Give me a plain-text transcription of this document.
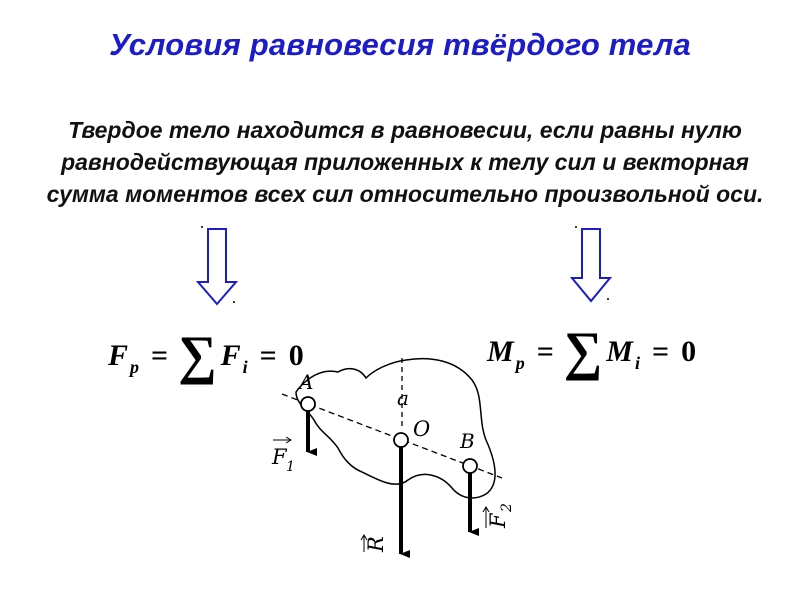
Условия равновесия твёрдого тела
Твердое тело находится в равновесии, если равны нулю
равнодействующая приложенных к телу сил и векторная
сумма моментов всех сил относительно произвольной оси.
A
a
O B
F 1
F
2
R
F p = ∑ F i = 0	M p = ∑ M i = 0
